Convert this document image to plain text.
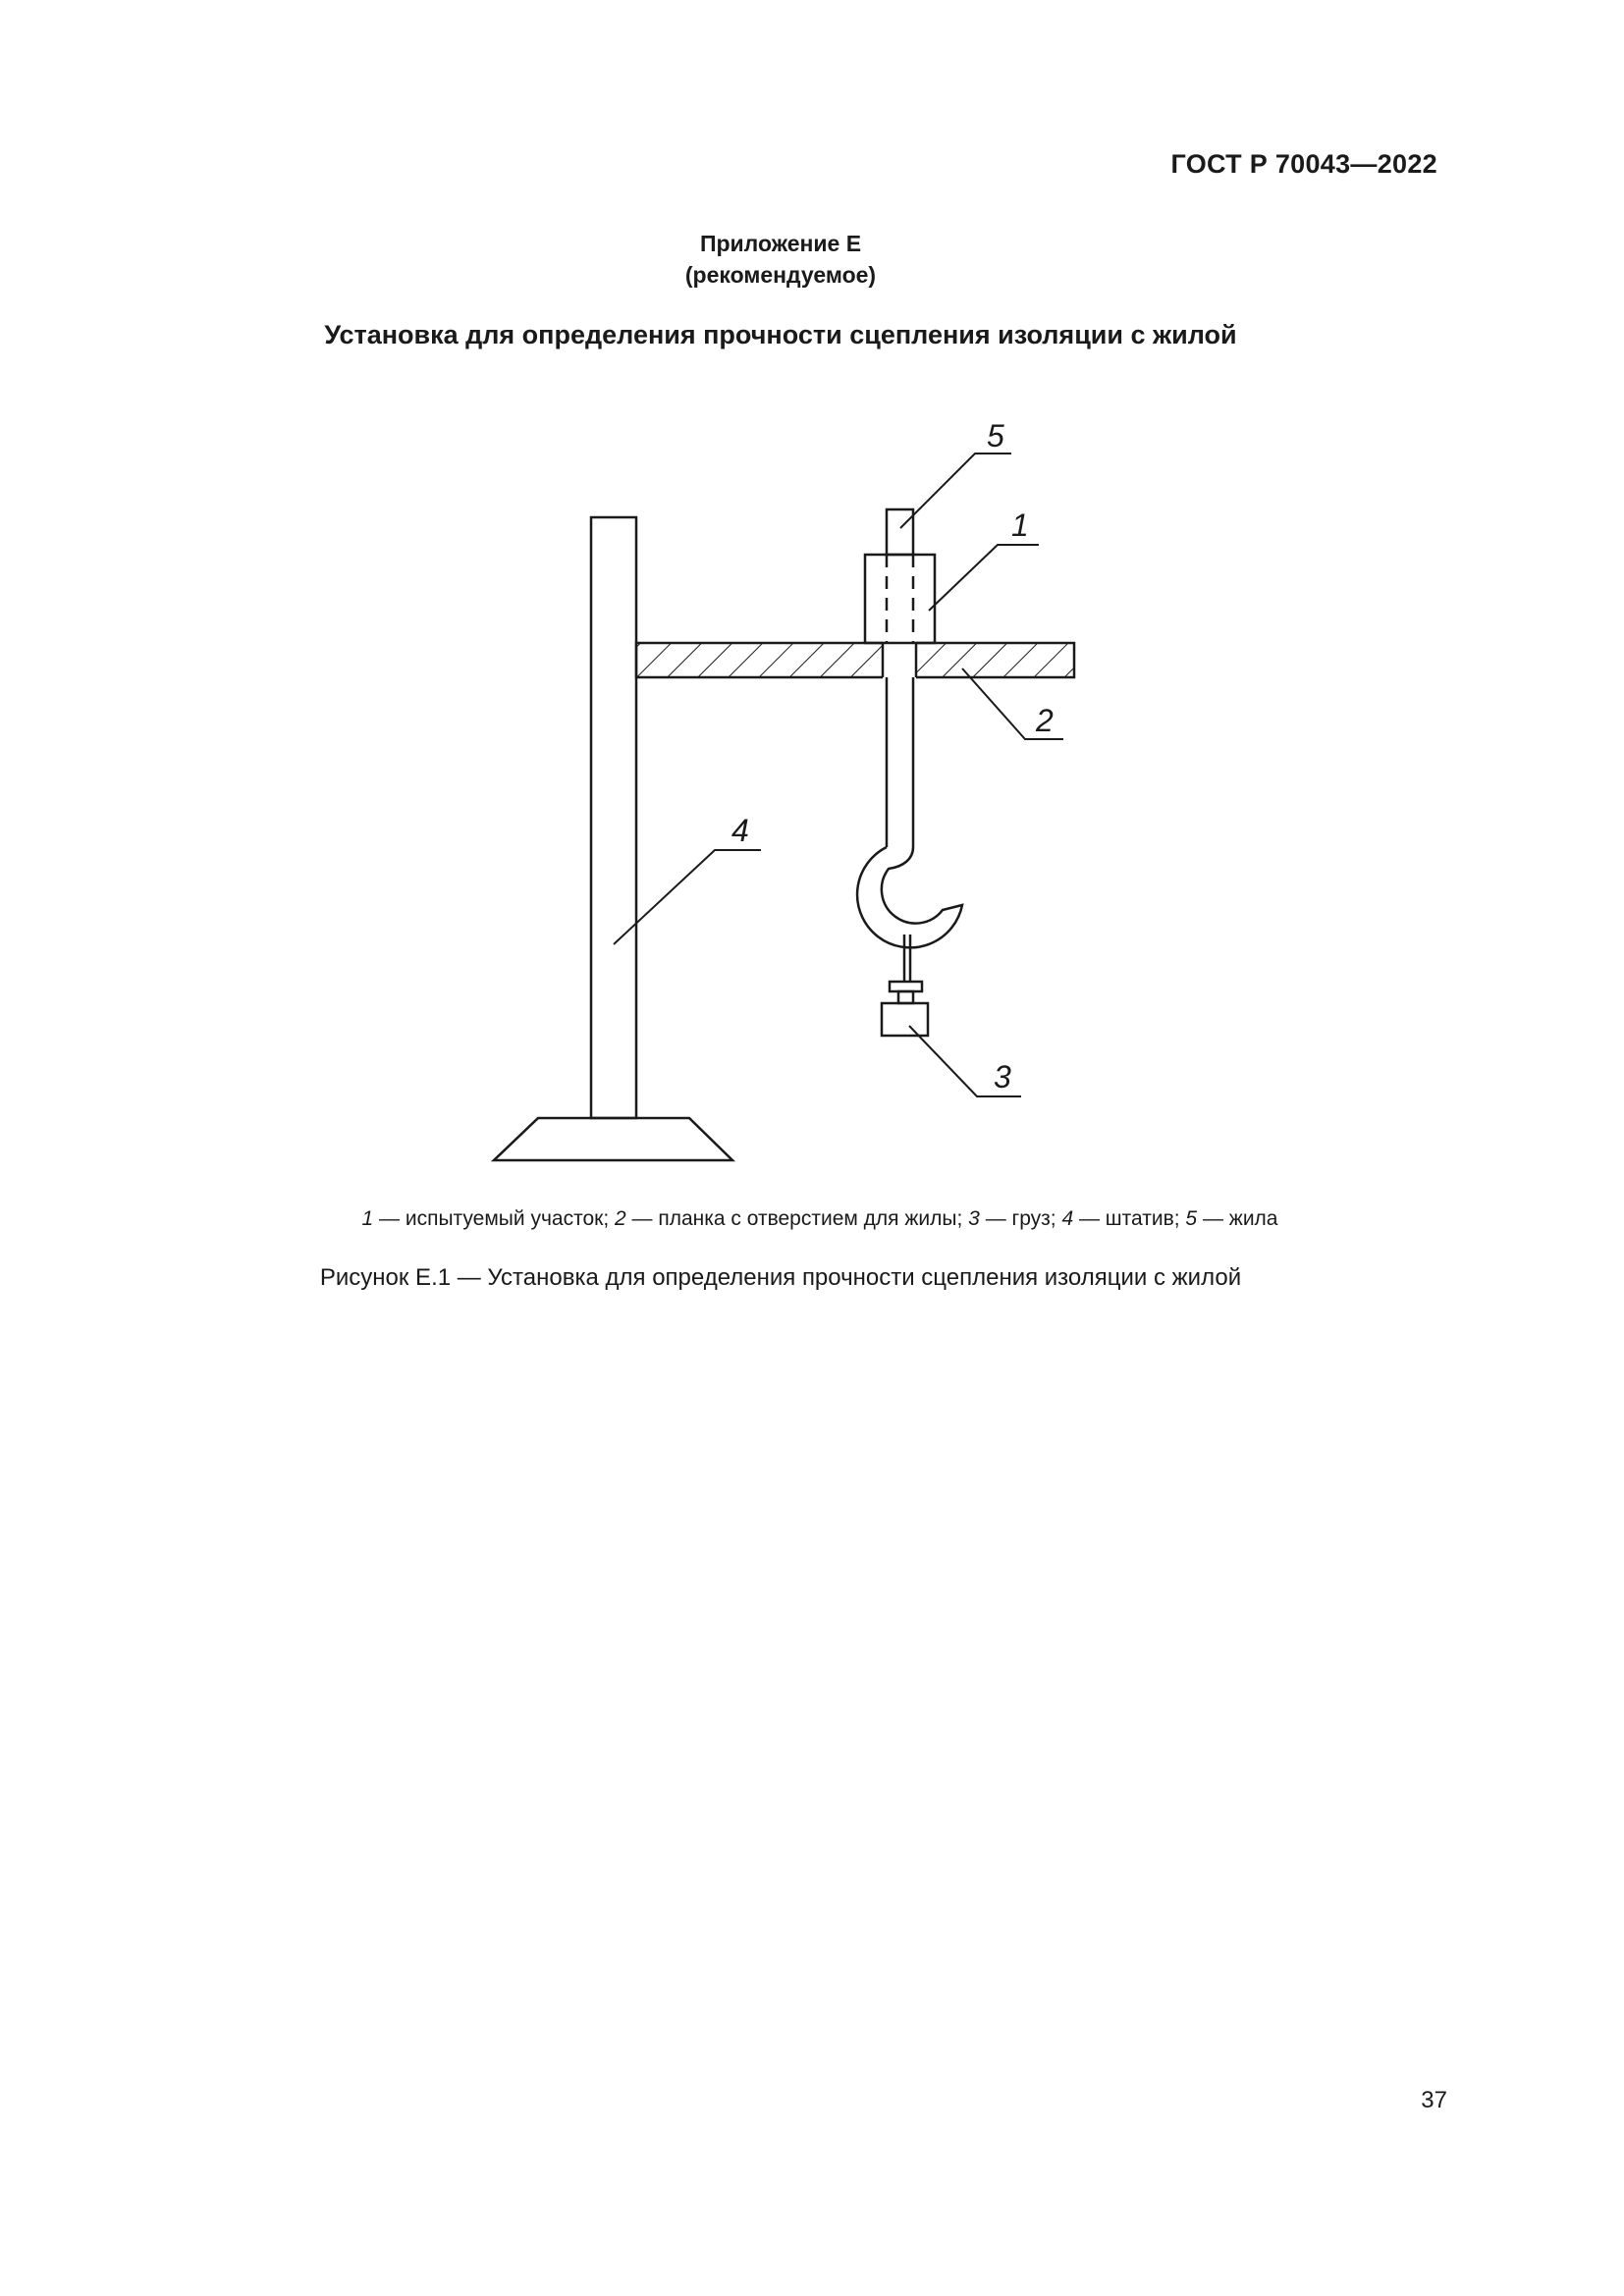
ГОСТ Р 70043—2022
Приложение Е
(рекомендуемое)
Установка для определения прочности сцепления изоляции с жилой
5
1
2
3
4
1 — испытуемый участок; 2 — планка с отверстием для жилы; 3 — груз; 4 — штатив; 5 — жила
Рисунок Е.1 — Установка для определения прочности сцепления изоляции с жилой
37
